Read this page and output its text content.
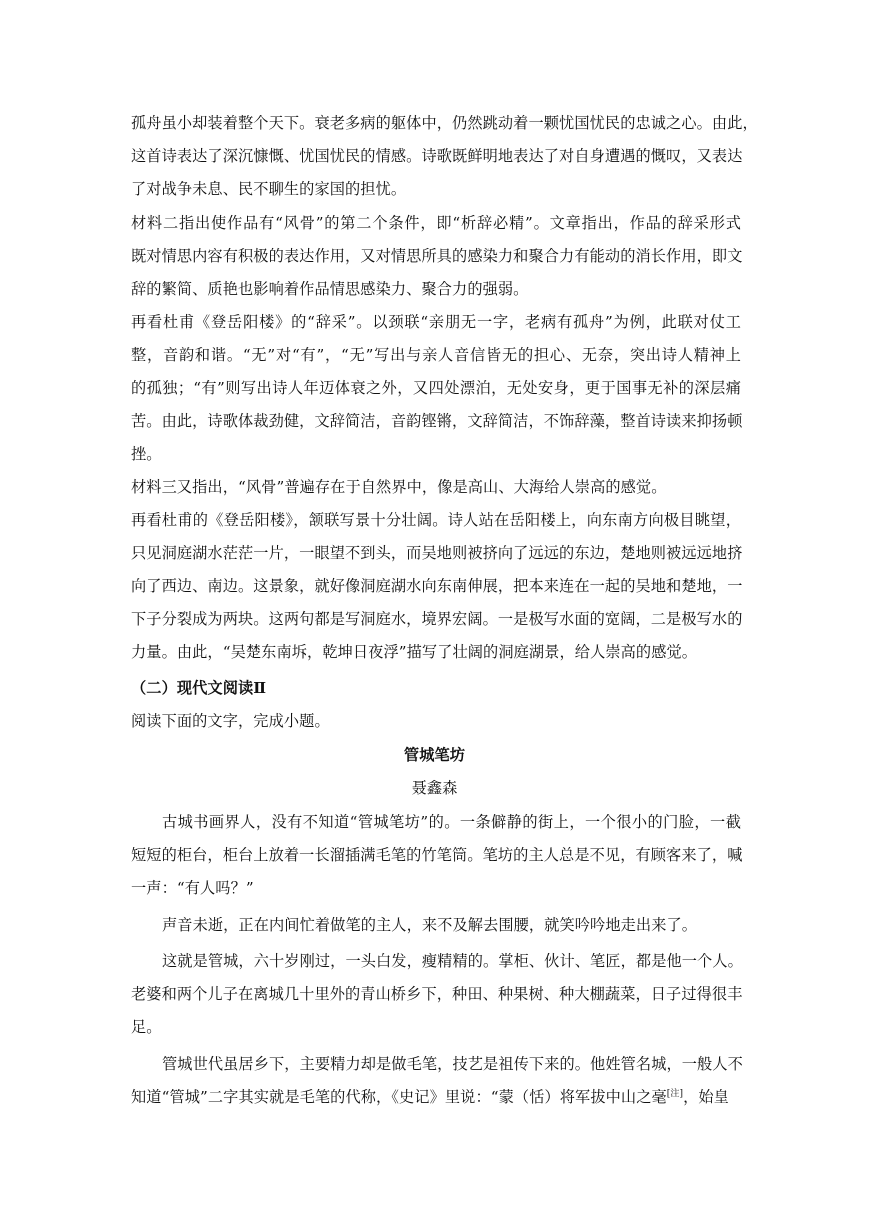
孤舟虽小却装着整个天下。衰老多病的躯体中，仍然跳动着一颗忧国忧民的忠诚之心。由此，
这首诗表达了深沉慷慨、忧国忧民的情感。诗歌既鲜明地表达了对自身遭遇的慨叹，又表达
了对战争未息、民不聊生的家国的担忧。
材料二指出使作品有“风骨”的第二个条件，即“析辞必精”。文章指出，作品的辞采形式
既对情思内容有积极的表达作用，又对情思所具的感染力和聚合力有能动的消长作用，即文
辞的繁简、质艳也影响着作品情思感染力、聚合力的强弱。
再看杜甫《登岳阳楼》的“辞采”。以颈联“亲朋无一字，老病有孤舟”为例，此联对仗工
整，音韵和谐。“无”对“有”，“无”写出与亲人音信皆无的担心、无奈，突出诗人精神上
的孤独；“有”则写出诗人年迈体衰之外，又四处漂泊，无处安身，更于国事无补的深层痛
苦。由此，诗歌体裁劲健，文辞简洁，音韵铿锵，文辞简洁，不饰辞藻，整首诗读来抑扬顿
挫。
材料三又指出，“风骨”普遍存在于自然界中，像是高山、大海给人崇高的感觉。
再看杜甫的《登岳阳楼》，颔联写景十分壮阔。诗人站在岳阳楼上，向东南方向极目眺望，
只见洞庭湖水茫茫一片，一眼望不到头，而吴地则被挤向了远远的东边，楚地则被远远地挤
向了西边、南边。这景象，就好像洞庭湖水向东南伸展，把本来连在一起的吴地和楚地，一
下子分裂成为两块。这两句都是写洞庭水，境界宏阔。一是极写水面的宽阔，二是极写水的
力量。由此，“吴楚东南坼，乾坤日夜浮”描写了壮阔的洞庭湖景，给人崇高的感觉。
（二）现代文阅读Ⅱ
阅读下面的文字，完成小题。
管城笔坊
聂鑫森
古城书画界人，没有不知道“管城笔坊”的。一条僻静的街上，一个很小的门脸，一截
短短的柜台，柜台上放着一长溜插满毛笔的竹笔筒。笔坊的主人总是不见，有顾客来了，喊
一声：“有人吗？”
声音未逝，正在内间忙着做笔的主人，来不及解去围腰，就笑吟吟地走出来了。
这就是管城，六十岁刚过，一头白发，瘦精精的。掌柜、伙计、笔匠，都是他一个人。
老婆和两个儿子在离城几十里外的青山桥乡下，种田、种果树、种大棚蔬菜，日子过得很丰
足。
管城世代虽居乡下，主要精力却是做毛笔，技艺是祖传下来的。他姓管名城，一般人不
知道“管城”二字其实就是毛笔的代称，《史记》里说：“蒙（恬）将军拔中山之毫[注]，始皇
